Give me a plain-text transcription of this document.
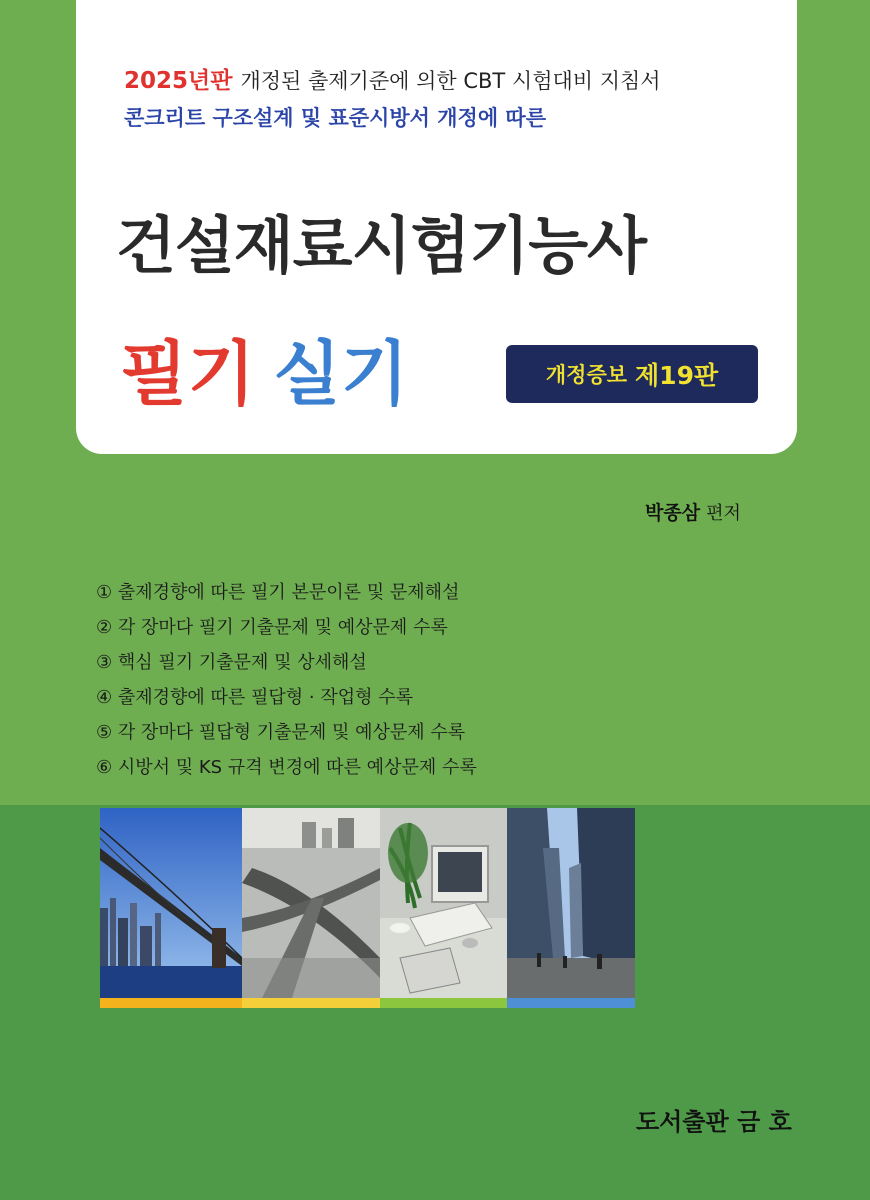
2025년판 개정된 출제기준에 의한 CBT 시험대비 지침서
콘크리트 구조설계 및 표준시방서 개정에 따른
건설재료시험기능사
필기 실기	개정증보 제19판
박종삼 편저
① 출제경향에 따른 필기 본문이론 및 문제해설
② 각 장마다 필기 기출문제 및 예상문제 수록
③ 핵심 필기 기출문제 및 상세해설
④ 출제경향에 따른 필답형 · 작업형 수록
⑤ 각 장마다 필답형 기출문제 및 예상문제 수록
⑥ 시방서 및 KS 규격 변경에 따른 예상문제 수록
도서출판 금 호
